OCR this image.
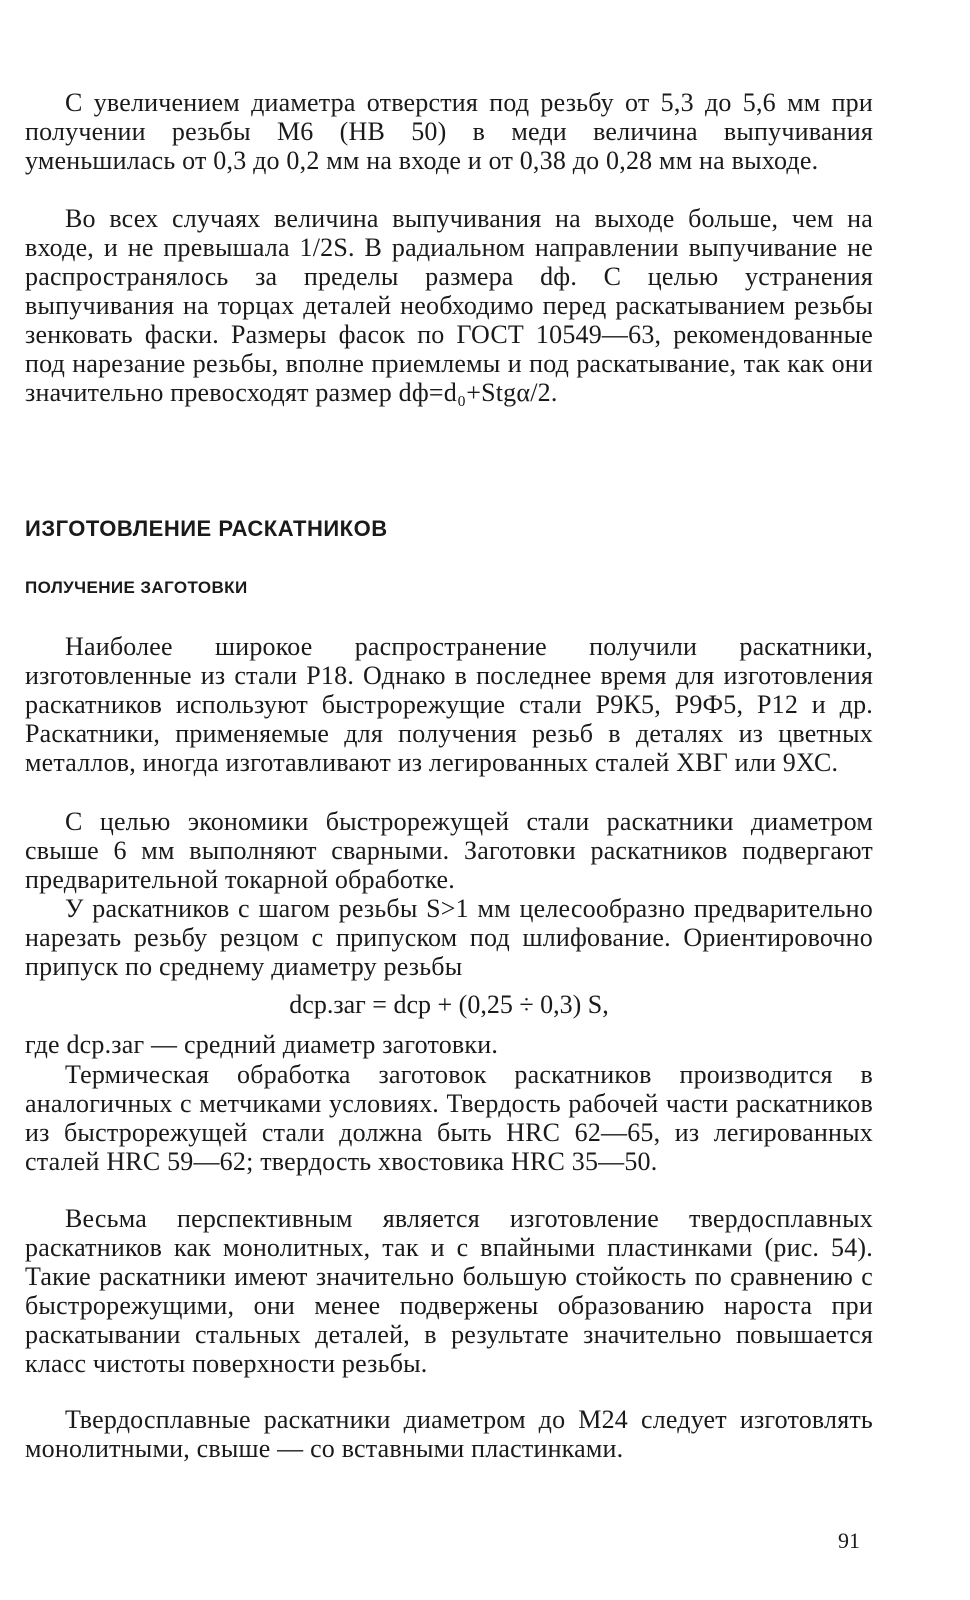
С увеличением диаметра отверстия под резьбу от 5,3 до 5,6 мм при получении резьбы М6 (HB 50) в меди величина выпучивания уменьшилась от 0,3 до 0,2 мм на входе и от 0,38 до 0,28 мм на выходе.

Во всех случаях величина выпучивания на выходе больше, чем на входе, и не превышала 1/2S. В радиальном направлении выпучивание не распространялось за пределы размера dф. С целью устранения выпучивания на торцах деталей необходимо перед раскатыванием резьбы зенковать фаски. Размеры фасок по ГОСТ 10549—63, рекомендованные под нарезание резьбы, вполне приемлемы и под раскатывание, так как они значительно превосходят размер dф=d₀+Stgα/2.

ИЗГОТОВЛЕНИЕ РАСКАТНИКОВ
ПОЛУЧЕНИЕ ЗАГОТОВКИ

Наиболее широкое распространение получили раскатники, изготовленные из стали Р18. Однако в последнее время для изготовления раскатников используют быстрорежущие стали Р9К5, Р9Ф5, Р12 и др. Раскатники, применяемые для получения резьб в деталях из цветных металлов, иногда изготавливают из легированных сталей ХВГ или 9ХС.

С целью экономики быстрорежущей стали раскатники диаметром свыше 6 мм выполняют сварными. Заготовки раскатников подвергают предварительной токарной обработке.

У раскатников с шагом резьбы S>1 мм целесообразно предварительно нарезать резьбу резцом с припуском под шлифование. Ориентировочно припуск по среднему диаметру резьбы

dср.заг = dср + (0,25 ÷ 0,3) S,

где dср.заг — средний диаметр заготовки.

Термическая обработка заготовок раскатников производится в аналогичных с метчиками условиях. Твердость рабочей части раскатников из быстрорежущей стали должна быть HRC 62—65, из легированных сталей HRC 59—62; твердость хвостовика HRC 35—50.

Весьма перспективным является изготовление твердосплавных раскатников как монолитных, так и с впайными пластинками (рис. 54). Такие раскатники имеют значительно большую стойкость по сравнению с быстрорежущими, они менее подвержены образованию нароста при раскатывании стальных деталей, в результате значительно повышается класс чистоты поверхности резьбы.

Твердосплавные раскатники диаметром до М24 следует изготовлять монолитными, свыше — со вставными пластинками.

91
